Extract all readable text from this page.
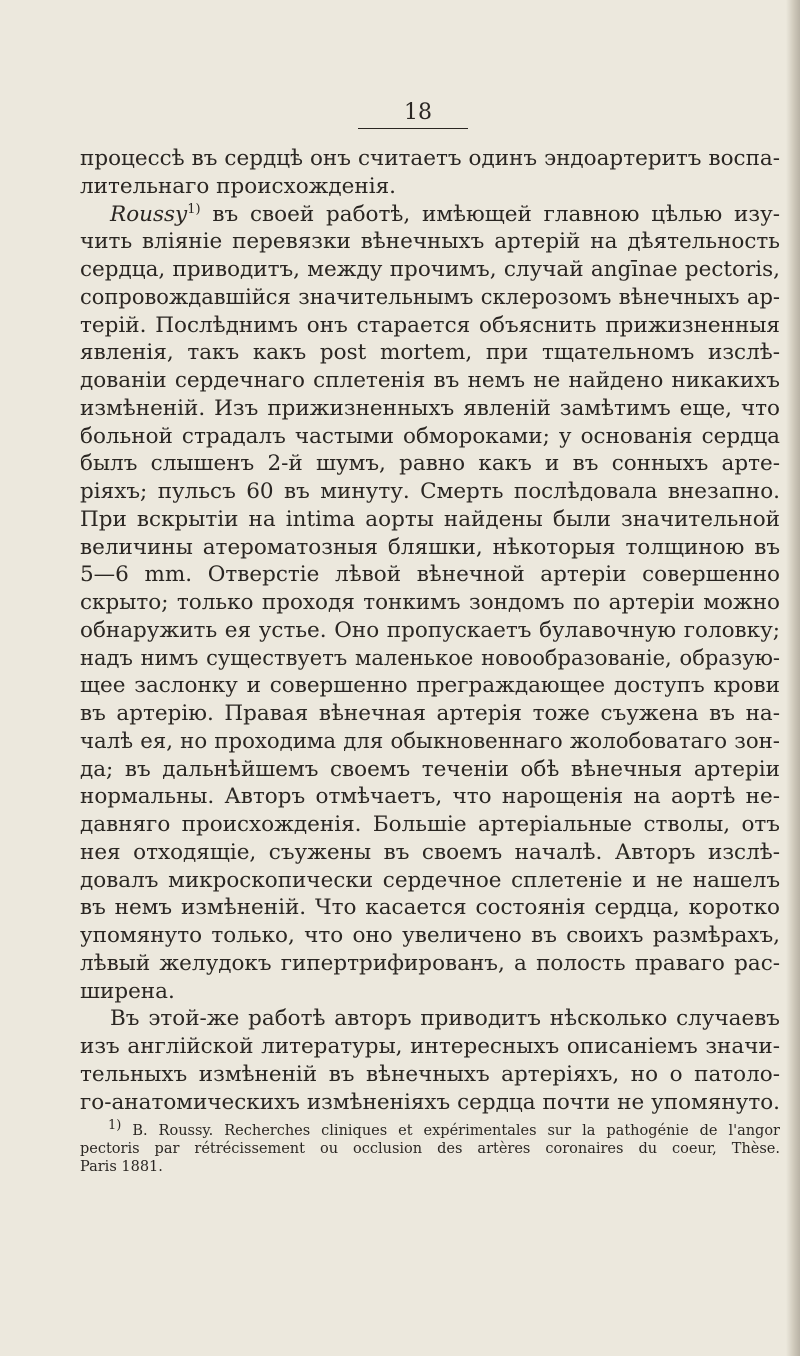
18
процессѣ въ сердцѣ онъ считаетъ одинъ эндоартеритъ воспа-
лительнаго происхожденія.
Roussy$^{1)}$ въ своей работѣ, имѣющей главною цѣлью изу-
чить вліяніе перевязки вѣнечныхъ артерій на дѣятельность
сердца, приводитъ, между прочимъ, случай angīnae pectoris,
сопровождавшійся значительнымъ склерозомъ вѣнечныхъ ар-
терій. Послѣднимъ онъ старается объяснить прижизненныя
явленія, такъ какъ post mortem, при тщательномъ изслѣ-
дованіи сердечнаго сплетенія въ немъ не найдено никакихъ
измѣненій. Изъ прижизненныхъ явленій замѣтимъ еще, что
больной страдалъ частыми обмороками; у основанія сердца
былъ слышенъ 2-й шумъ, равно какъ и въ сонныхъ арте-
ріяхъ; пульсъ 60 въ минуту. Смерть послѣдовала внезапно.
При вскрытіи на intima аорты найдены были значительной
величины атероматозныя бляшки, нѣкоторыя толщиною въ
5—6 mm. Отверстіе лѣвой вѣнечной артеріи совершенно
скрыто; только проходя тонкимъ зондомъ по артеріи можно
обнаружить ея устье. Оно пропускаетъ булавочную головку;
надъ нимъ существуетъ маленькое новообразованіе, образую-
щее заслонку и совершенно преграждающее доступъ крови
въ артерію. Правая вѣнечная артерія тоже съужена въ на-
чалѣ ея, но проходима для обыкновеннаго жолобоватаго зон-
да; въ дальнѣйшемъ своемъ теченіи обѣ вѣнечныя артеріи
нормальны. Авторъ отмѣчаетъ, что нарощенія на аортѣ не-
давняго происхожденія. Большіе артеріальные стволы, отъ
нея отходящіе, съужены въ своемъ началѣ. Авторъ изслѣ-
довалъ микроскопически сердечное сплетеніе и не нашелъ
въ немъ измѣненій. Что касается состоянія сердца, коротко
упомянуто только, что оно увеличено въ своихъ размѣрахъ,
лѣвый желудокъ гипертрифированъ, а полость праваго рас-
ширена.
Въ этой-же работѣ авторъ приводитъ нѣсколько случаевъ
изъ англійской литературы, интересныхъ описаніемъ значи-
тельныхъ измѣненій въ вѣнечныхъ артеріяхъ, но о патоло-
го-анатомическихъ измѣненіяхъ сердца почти не упомянуто.
$^{1)}$ B. Roussy. Recherches cliniques et expérimentales sur la pathogénie de l'angor
pectoris par rétrécissement ou occlusion des artères coronaires du coeur, Thèse.
Paris 1881.
